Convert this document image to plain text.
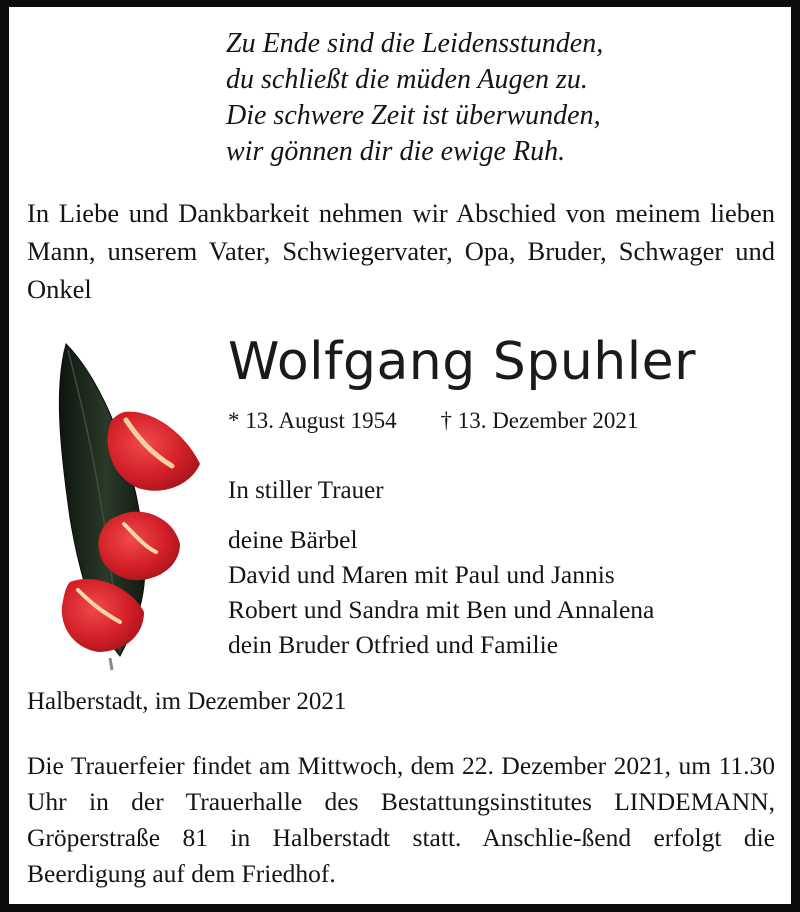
Zu Ende sind die Leidensstunden,
du schließt die müden Augen zu.
Die schwere Zeit ist überwunden,
wir gönnen dir die ewige Ruh.
In Liebe und Dankbarkeit nehmen wir Abschied von meinem lieben Mann, unserem Vater, Schwiegervater, Opa, Bruder, Schwager und Onkel
Wolfgang Spuhler
* 13. August 1954 † 13. Dezember 2021
In stiller Trauer
deine Bärbel
David und Maren mit Paul und Jannis
Robert und Sandra mit Ben und Annalena
dein Bruder Otfried und Familie
Halberstadt, im Dezember 2021
Die Trauerfeier findet am Mittwoch, dem 22. Dezember 2021, um 11.30 Uhr in der Trauerhalle des Bestattungsinstitutes LINDEMANN, Gröperstraße 81 in Halberstadt statt. Anschlie-ßend erfolgt die Beerdigung auf dem Friedhof.
